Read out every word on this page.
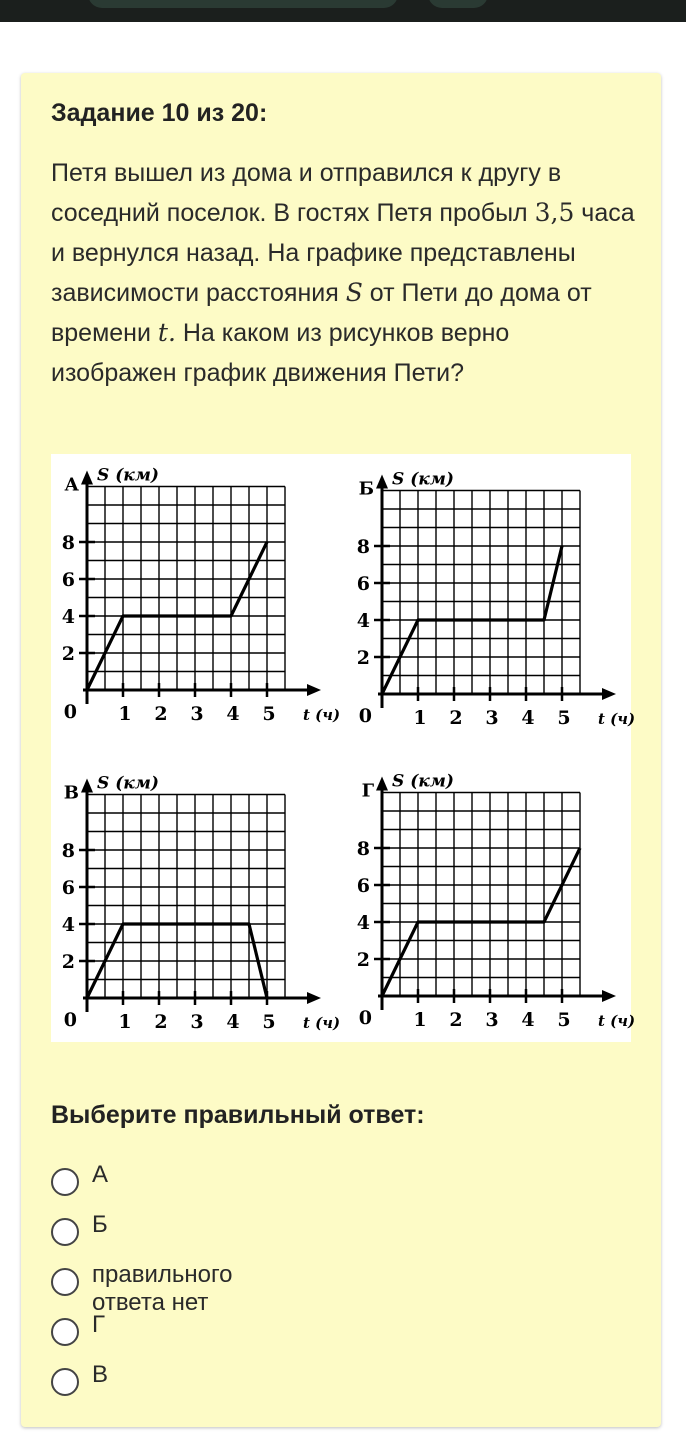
Задание 10 из 20:
Петя вышел из дома и отправился к другу в соседний поселок. В гостях Петя пробыл 3,5 часа и вернулся назад. На графике представлены зависимости расстояния S от Пети до дома от времени t. На каком из рисунков верно изображен график движения Пети?
1 2 3 4 5
2
4
6
8
0
S (км)
t (ч)
А
1 2 3 4 5
2
4
6
8
0
S (км)
t (ч)
Б
1 2 3 4 5
2
4
6
8
0
S (км)
t (ч)
В
1 2 3 4 5
2
4
6
8
0
S (км)
t (ч)
Г
Выберите правильный ответ:
А
Б
правильного ответа нет
Г
В
